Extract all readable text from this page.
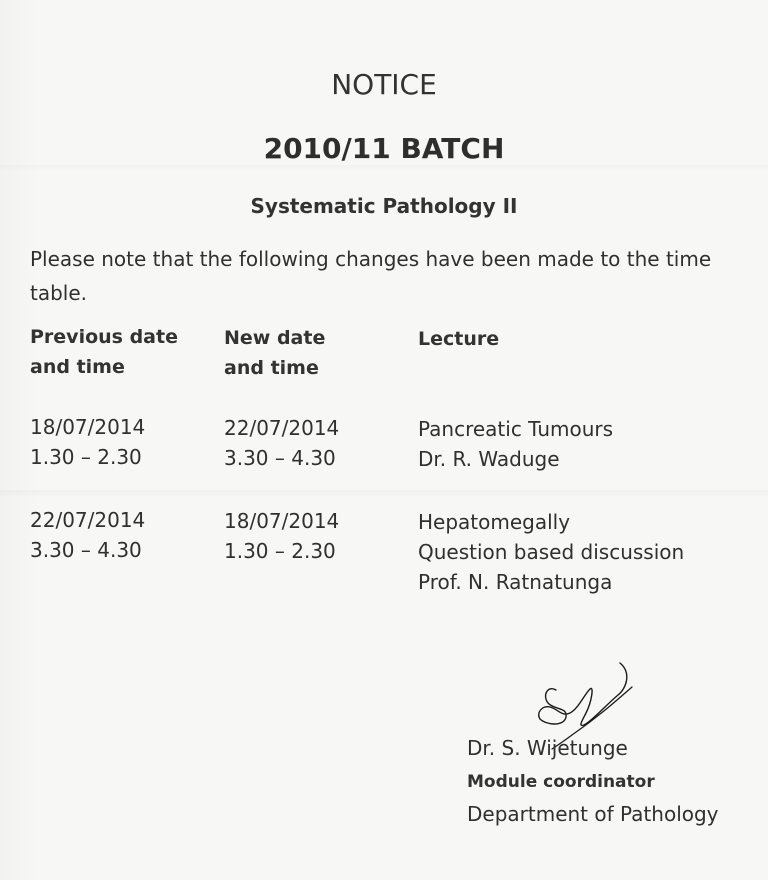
NOTICE
2010/11 BATCH
Systematic Pathology II
Please note that the following changes have been made to the time table.
Previous date
and time
New date
and time
Lecture
18/07/2014
1.30 – 2.30
22/07/2014
3.30 – 4.30
Pancreatic Tumours
Dr. R. Waduge
22/07/2014
3.30 – 4.30
18/07/2014
1.30 – 2.30
Hepatomegally
Question based discussion
Prof. N. Ratnatunga
Dr. S. Wijetunge
Module coordinator
Department of Pathology
